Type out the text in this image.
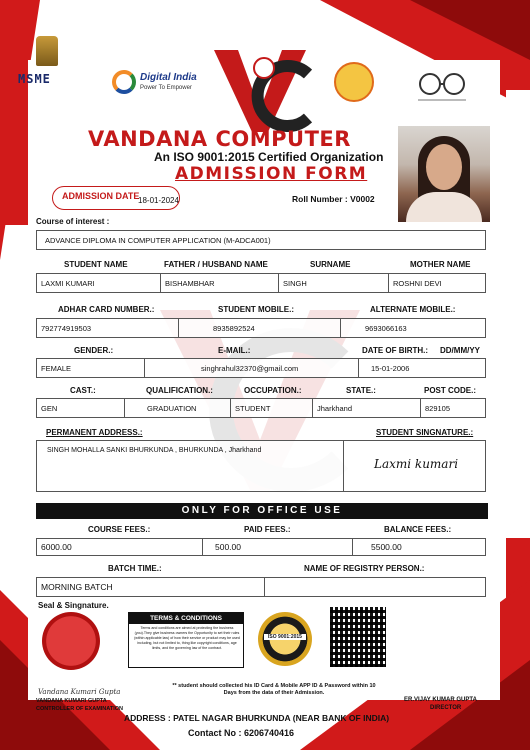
MSME	Digital India
Power To Empower
VANDANA COMPUTER
An ISO 9001:2015 Certified Organization
ADMISSION FORM
ADMISSION DATE
18-01-2024	Roll Number : V0002
Course of interest :
ADVANCE DIPLOMA IN COMPUTER APPLICATION (M-ADCA001)
STUDENT NAME	FATHER / HUSBAND NAME	SURNAME	MOTHER NAME
LAXMI KUMARI	BISHAMBHAR	SINGH	ROSHNI DEVI
ADHAR CARD NUMBER.:	STUDENT MOBILE.:	ALTERNATE MOBILE.:
792774919503	8935892524	9693066163
GENDER.:	E-MAIL.:	DATE OF BIRTH.: DD/MM/YY
FEMALE	singhrahul32370@gmail.com	15-01-2006
CAST.:	QUALIFICATION.:	OCCUPATION.:	STATE.:	POST CODE.:
GEN	GRADUATION	STUDENT	Jharkhand	829105
PERMANENT ADDRESS.:	STUDENT SINGNATURE.:
SINGH MOHALLA SANKI BHURKUNDA , BHURKUNDA , Jharkhand
Laxmi kumari
ONLY FOR OFFICE USE
COURSE FEES.:	PAID FEES.:	BALANCE FEES.:
6000.00	500.00	5500.00
BATCH TIME.:	NAME OF REGISTRY PERSON.:
MORNING BATCH
Seal & Singnature.
TERMS & CONDITIONS
Terms and conditions are aimed at protecting the business (you).They give business owners the Opportunity to set their rules (within applicable law) of how their service or product may be used including, but not limited to, thing like copyright conditions, age limits, and the governing law of the contract.
ISO 9001:2015
** student should collected his ID Card & Mobile APP ID & Password within 10 Days from the data of their Admission.
Vandana Kumari Gupta
VANDANA KUMARI GUPTA
CONTROLLER OF EXAMINATION
Vijay Kumar Gupta
ER.VIJAY KUMAR GUPTA
DIRECTOR
ADDRESS : PATEL NAGAR BHURKUNDA (NEAR BANK OF INDIA)
Contact No : 6206740416
